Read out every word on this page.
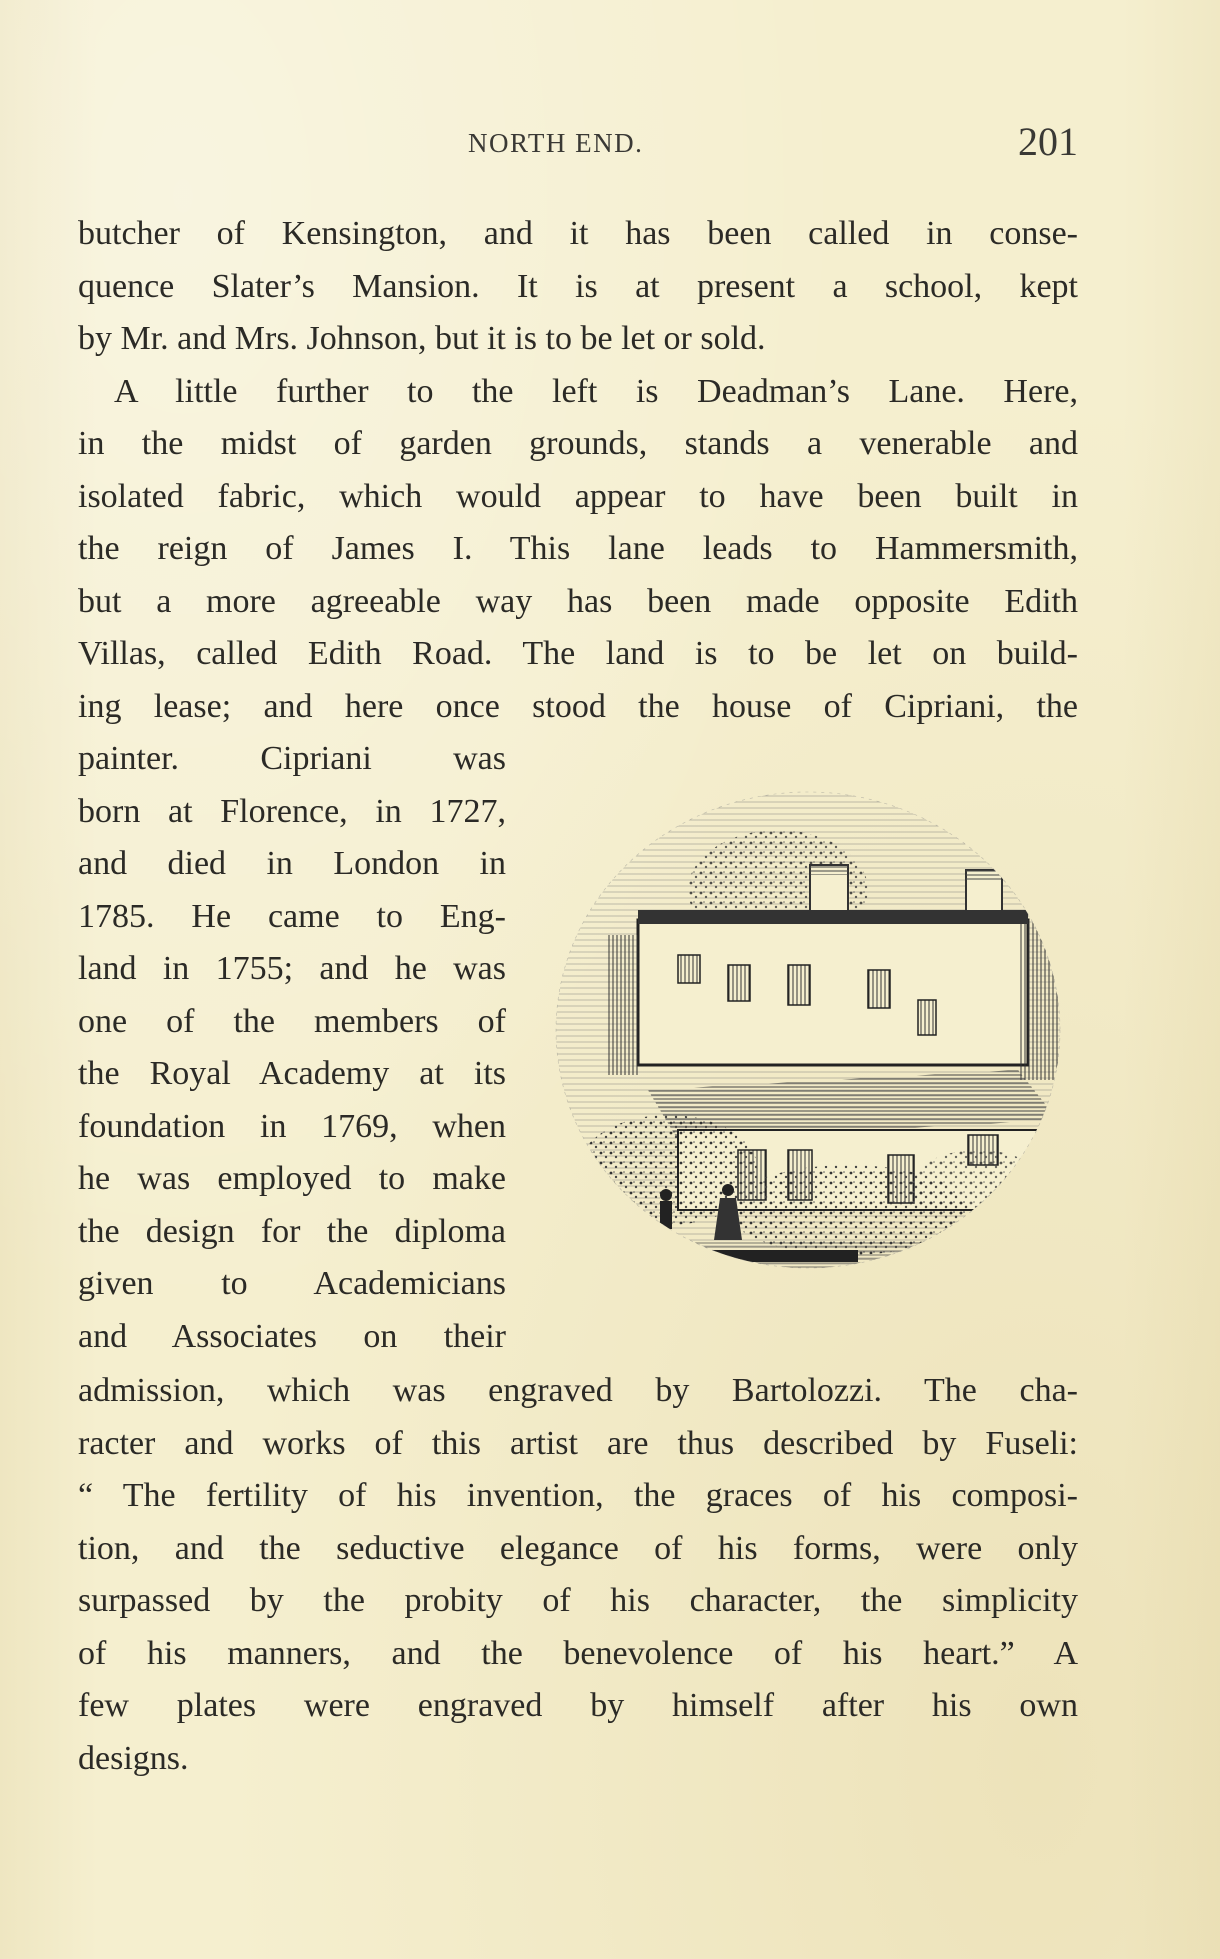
NORTH END.	201
butcher of Kensington, and it has been called in conse-
quence Slater’s Mansion. It is at present a school, kept
by Mr. and Mrs. Johnson, but it is to be let or sold.
A little further to the left is Deadman’s Lane. Here,
in the midst of garden grounds, stands a venerable and
isolated fabric, which would appear to have been built in
the reign of James I. This lane leads to Hammersmith,
but a more agreeable way has been made opposite Edith
Villas, called Edith Road. The land is to be let on build-
ing lease; and here once stood the house of Cipriani, the
painter. Cipriani was
born at Florence, in 1727,
and died in London in
1785. He came to Eng-
land in 1755; and he was
one of the members of
the Royal Academy at its
foundation in 1769, when
he was employed to make
the design for the diploma
given to Academicians
and Associates on their
admission, which was engraved by Bartolozzi. The cha-
racter and works of this artist are thus described by Fuseli:
“ The fertility of his invention, the graces of his composi-
tion, and the seductive elegance of his forms, were only
surpassed by the probity of his character, the simplicity
of his manners, and the benevolence of his heart.” A
few plates were engraved by himself after his own
designs.
